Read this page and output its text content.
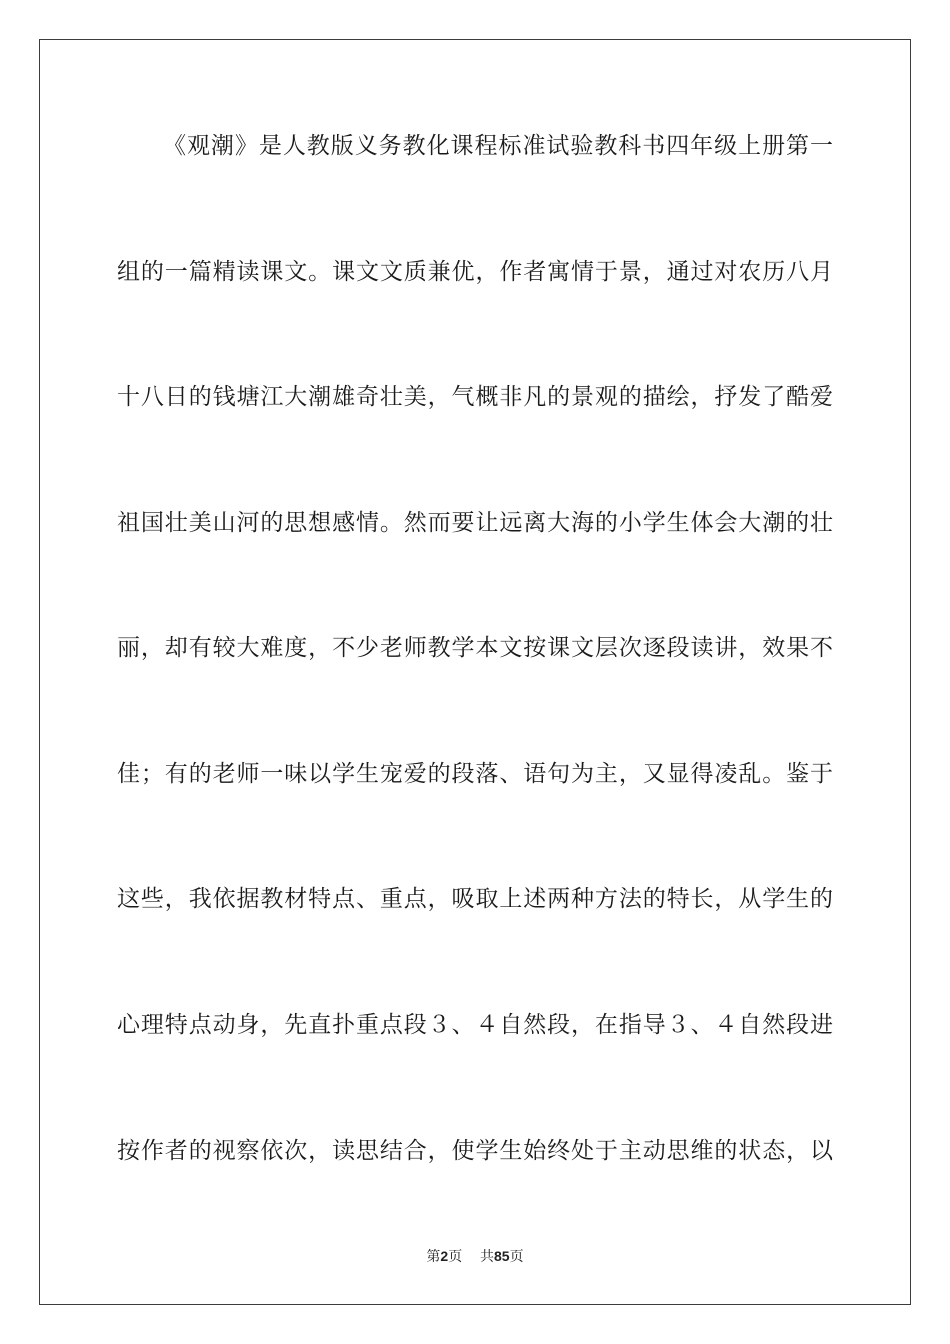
《观潮》是人教版义务教化课程标准试验教科书四年级上册第一
组的一篇精读课文。课文文质兼优，作者寓情于景，通过对农历八月
十八日的钱塘江大潮雄奇壮美，气概非凡的景观的描绘，抒发了酷爱
祖国壮美山河的思想感情。然而要让远离大海的小学生体会大潮的壮
丽，却有较大难度，不少老师教学本文按课文层次逐段读讲，效果不
佳；有的老师一味以学生宠爱的段落、语句为主，又显得凌乱。鉴于
这些，我依据教材特点、重点，吸取上述两种方法的特长，从学生的
心理特点动身，先直扑重点段３、４自然段，在指导３、４自然段进
按作者的视察依次，读思结合，使学生始终处于主动思维的状态，以
第2页 共85页
